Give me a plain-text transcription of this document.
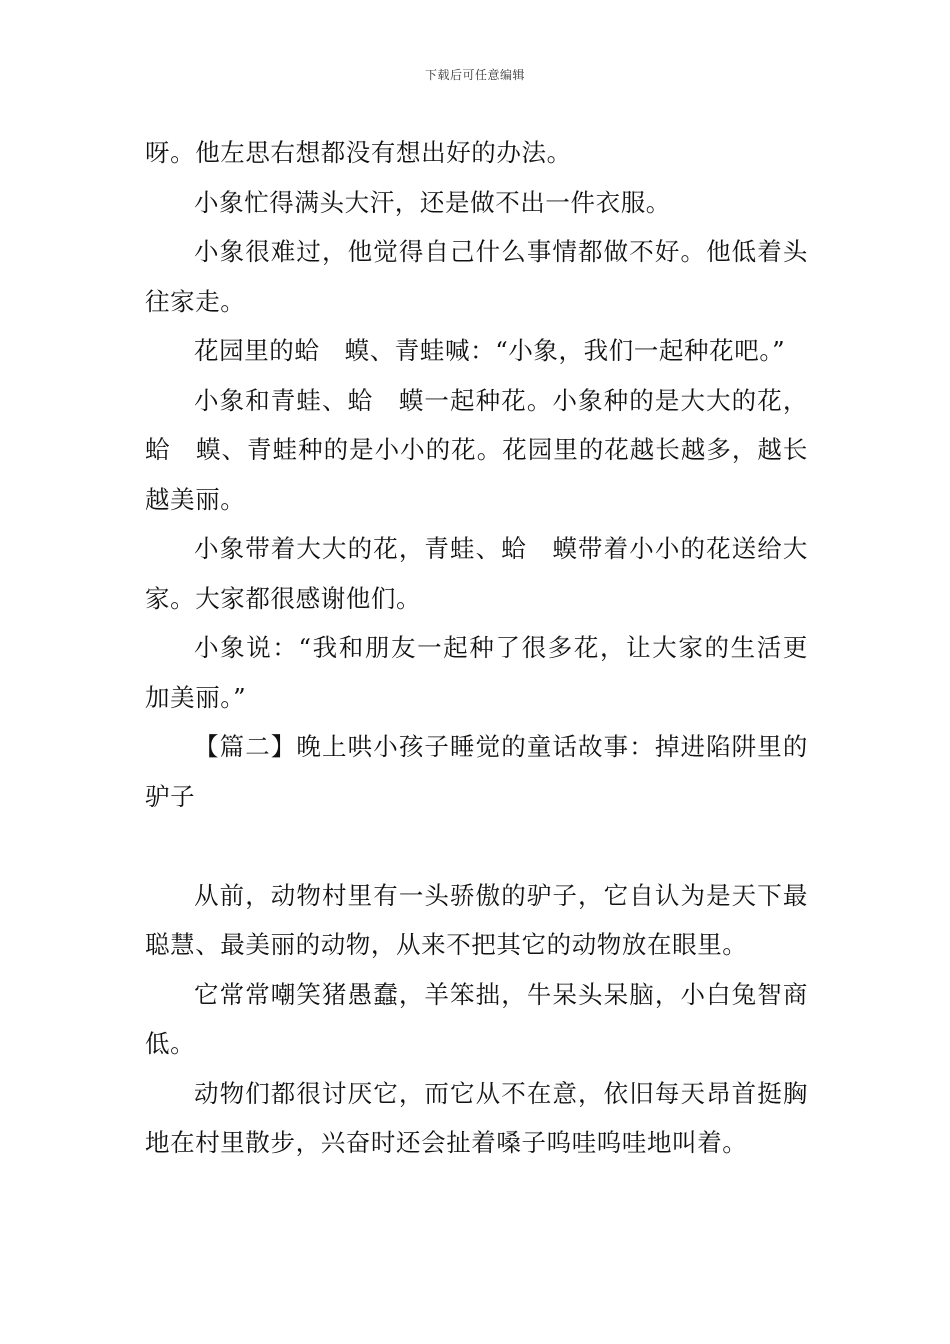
下载后可任意编辑

呀。他左思右想都没有想出好的办法。

小象忙得满头大汗，还是做不出一件衣服。

小象很难过，他觉得自己什么事情都做不好。他低着头往家走。

花园里的蛤　蟆、青蛙喊：“小象，我们一起种花吧。”

小象和青蛙、蛤　蟆一起种花。小象种的是大大的花，蛤　蟆、青蛙种的是小小的花。花园里的花越长越多，越长越美丽。

小象带着大大的花，青蛙、蛤　蟆带着小小的花送给大家。大家都很感谢他们。

小象说：“我和朋友一起种了很多花，让大家的生活更加美丽。”

【篇二】晚上哄小孩子睡觉的童话故事：掉进陷阱里的驴子

从前，动物村里有一头骄傲的驴子，它自认为是天下最聪慧、最美丽的动物，从来不把其它的动物放在眼里。

它常常嘲笑猪愚蠢，羊笨拙，牛呆头呆脑，小白兔智商低。

动物们都很讨厌它，而它从不在意，依旧每天昂首挺胸地在村里散步，兴奋时还会扯着嗓子呜哇呜哇地叫着。
